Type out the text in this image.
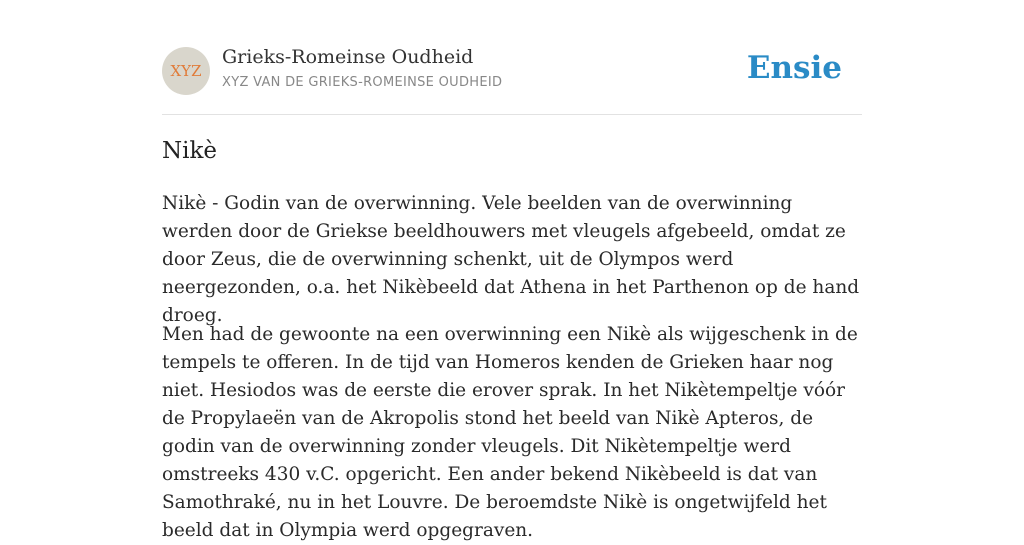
XYZ
Grieks-Romeinse Oudheid
XYZ VAN DE GRIEKS-ROMEINSE OUDHEID	Ensie
Nikè

Nikè - Godin van de overwinning. Vele beelden van de overwinning werden door de Griekse beeldhouwers met vleugels afgebeeld, omdat ze door Zeus, die de overwinning schenkt, uit de Olympos werd neergezonden, o.a. het Nikèbeeld dat Athena in het Parthenon op de hand droeg.

Men had de gewoonte na een overwinning een Nikè als wijgeschenk in de tempels te offeren. In de tijd van Homeros kenden de Grieken haar nog niet. Hesiodos was de eerste die erover sprak. In het Nikètempeltje vóór de Propylaeën van de Akropolis stond het beeld van Nikè Apteros, de godin van de overwinning zonder vleugels. Dit Nikètempeltje werd omstreeks 430 v.C. opgericht. Een ander bekend Nikèbeeld is dat van Samothraké, nu in het Louvre. De beroemdste Nikè is ongetwijfeld het beeld dat in Olympia werd opgegraven.
